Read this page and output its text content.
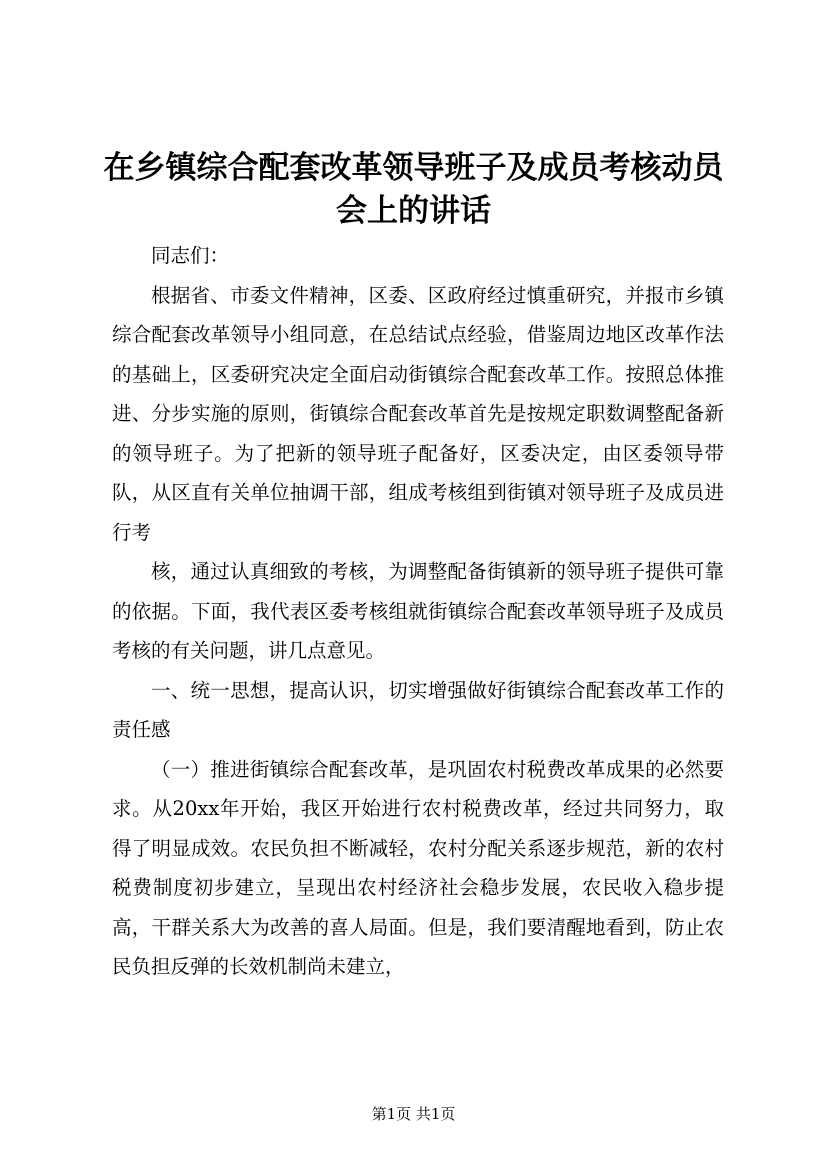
在乡镇综合配套改革领导班子及成员考核动员会上的讲话

同志们：

根据省、市委文件精神，区委、区政府经过慎重研究，并报市乡镇综合配套改革领导小组同意，在总结试点经验，借鉴周边地区改革作法的基础上，区委研究决定全面启动街镇综合配套改革工作。按照总体推进、分步实施的原则，街镇综合配套改革首先是按规定职数调整配备新的领导班子。为了把新的领导班子配备好，区委决定，由区委领导带队，从区直有关单位抽调干部，组成考核组到街镇对领导班子及成员进行考

核，通过认真细致的考核，为调整配备街镇新的领导班子提供可靠的依据。下面，我代表区委考核组就街镇综合配套改革领导班子及成员考核的有关问题，讲几点意见。

一、统一思想，提高认识，切实增强做好街镇综合配套改革工作的责任感

（一）推进街镇综合配套改革，是巩固农村税费改革成果的必然要求。从20xx年开始，我区开始进行农村税费改革，经过共同努力，取得了明显成效。农民负担不断减轻，农村分配关系逐步规范，新的农村税费制度初步建立，呈现出农村经济社会稳步发展，农民收入稳步提高，干群关系大为改善的喜人局面。但是，我们要清醒地看到，防止农民负担反弹的长效机制尚未建立，

第1页 共1页
